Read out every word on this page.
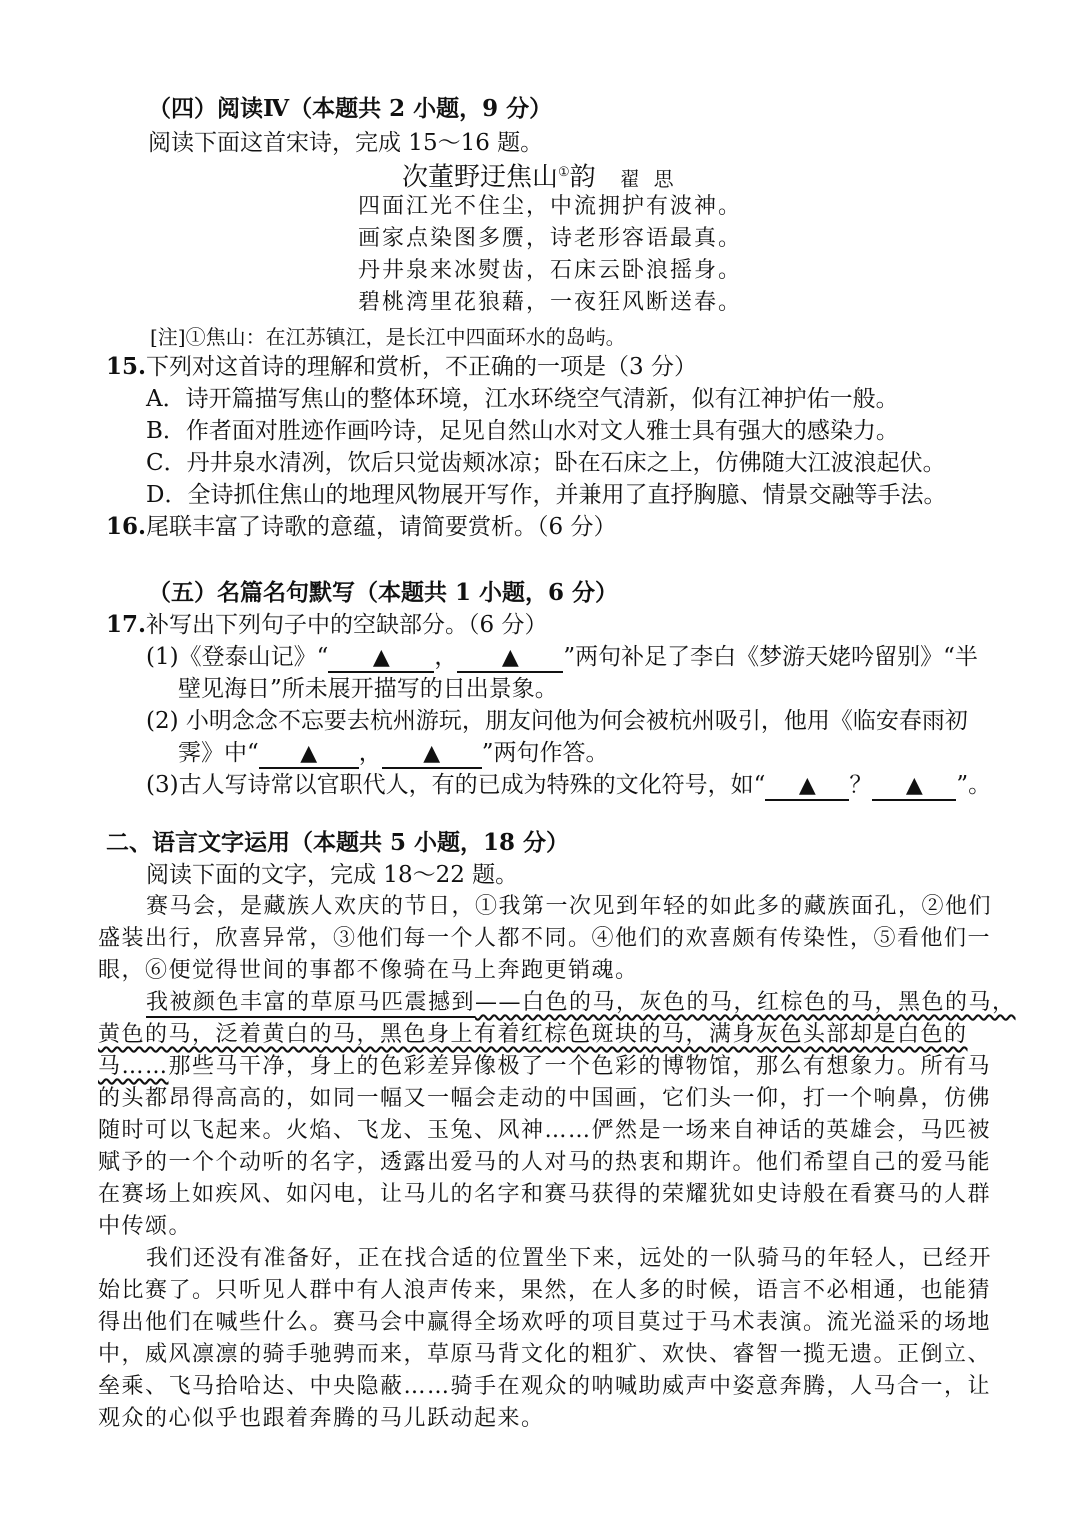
（四）阅读Ⅳ（本题共 2 小题，9 分）
阅读下面这首宋诗，完成 15～16 题。
次董野迂焦山①韵 翟思
四面江光不住尘，中流拥护有波神。
画家点染图多赝，诗老形容语最真。
丹井泉来冰熨齿，石床云卧浪摇身。
碧桃湾里花狼藉，一夜狂风断送春。
[注]①焦山：在江苏镇江，是长江中四面环水的岛屿。
15.下列对这首诗的理解和赏析，不正确的一项是（3 分）
A．诗开篇描写焦山的整体环境，江水环绕空气清新，似有江神护佑一般。
B．作者面对胜迹作画吟诗，足见自然山水对文人雅士具有强大的感染力。
C．丹井泉水清冽，饮后只觉齿颊冰凉；卧在石床之上，仿佛随大江波浪起伏。
D．全诗抓住焦山的地理风物展开写作，并兼用了直抒胸臆、情景交融等手法。
16.尾联丰富了诗歌的意蕴，请简要赏析。（6 分）
（五）名篇名句默写（本题共 1 小题，6 分）
17.补写出下列句子中的空缺部分。（6 分）
(1)《登泰山记》“ ▲ ， ▲ ”两句补足了李白《梦游天姥吟留别》“半
壁见海日”所未展开描写的日出景象。
(2) 小明念念不忘要去杭州游玩，朋友问他为何会被杭州吸引，他用《临安春雨初
霁》中“ ▲ ， ▲ ”两句作答。
(3)古人写诗常以官职代人，有的已成为特殊的文化符号，如“ ▲ ？ ▲ ”。
二、语言文字运用（本题共 5 小题，18 分）
阅读下面的文字，完成 18～22 题。
赛马会，是藏族人欢庆的节日，①我第一次见到年轻的如此多的藏族面孔，②他们
盛装出行，欣喜异常，③他们每一个人都不同。④他们的欢喜颇有传染性，⑤看他们一
眼，⑥便觉得世间的事都不像骑在马上奔跑更销魂。
我被颜色丰富的草原马匹震撼到——白色的马，灰色的马，红棕色的马，黑色的马，
黄色的马，泛着黄白的马，黑色身上有着红棕色斑块的马，满身灰色头部却是白色的
马……那些马干净，身上的色彩差异像极了一个色彩的博物馆，那么有想象力。所有马
的头都昂得高高的，如同一幅又一幅会走动的中国画，它们头一仰，打一个响鼻，仿佛
随时可以飞起来。火焰、飞龙、玉兔、风神……俨然是一场来自神话的英雄会，马匹被
赋予的一个个动听的名字，透露出爱马的人对马的热衷和期许。他们希望自己的爱马能
在赛场上如疾风、如闪电，让马儿的名字和赛马获得的荣耀犹如史诗般在看赛马的人群
中传颂。
我们还没有准备好，正在找合适的位置坐下来，远处的一队骑马的年轻人，已经开
始比赛了。只听见人群中有人浪声传来，果然，在人多的时候，语言不必相通，也能猜
得出他们在喊些什么。赛马会中赢得全场欢呼的项目莫过于马术表演。流光溢采的场地
中，威风凛凛的骑手驰骋而来，草原马背文化的粗犷、欢快、睿智一揽无遗。正倒立、
垒乘、飞马拾哈达、中央隐蔽……骑手在观众的呐喊助威声中姿意奔腾，人马合一，让
观众的心似乎也跟着奔腾的马儿跃动起来。
